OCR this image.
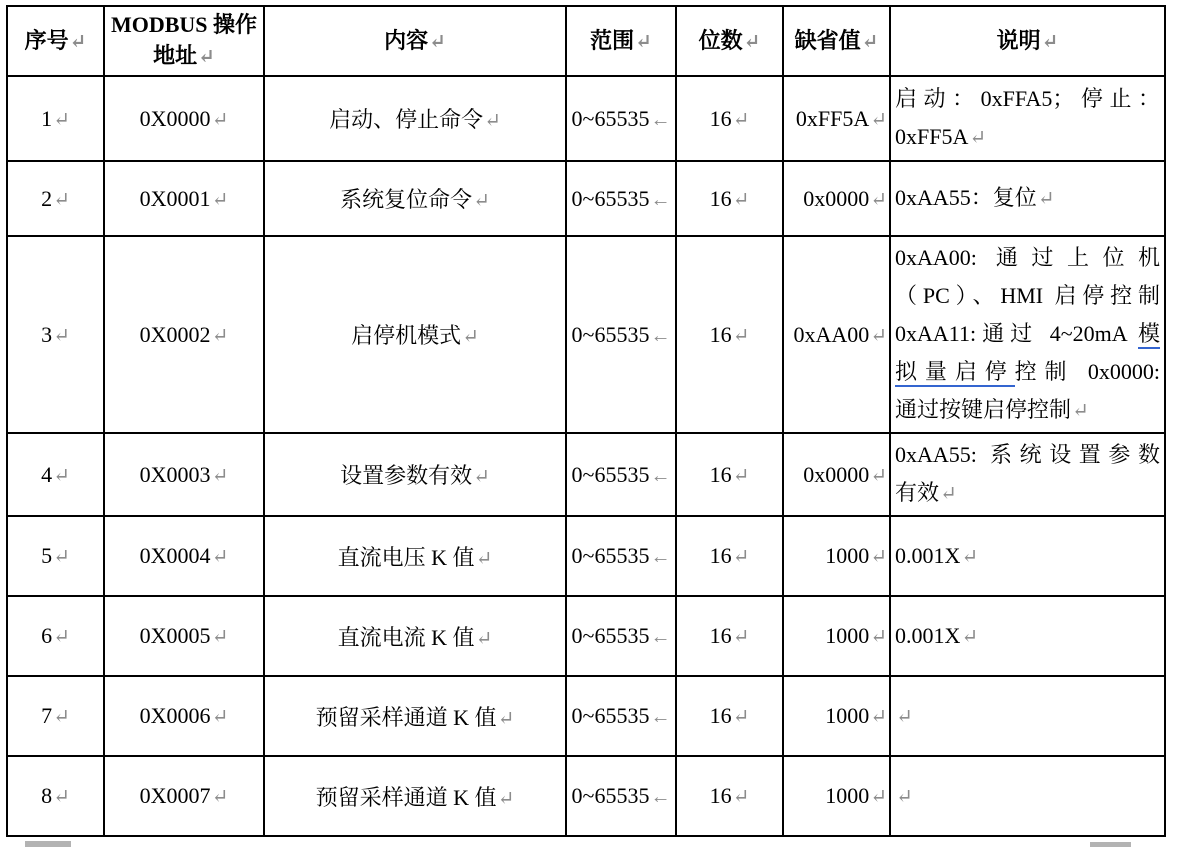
序号↵	MODBUS 操作
地址↵	内容↵	范围↵	位数↵	缺省值↵	说明↵

1↵	0X0000↵	启动、停止命令↵	0~65535←	16↵	0xFF5A↵	启动：0xFFA5；停止：
0xFF5A↵

2↵	0X0001↵	系统复位命令↵	0~65535←	16↵	0x0000↵	0xAA55：复位↵

3↵	0X0002↵	启停机模式↵	0~65535←	16↵	0xAA00↵	0xAA00: 通过上位机
（PC）、HMI 启停控制
0xAA11:通过 4~20mA 模
拟量启停控制 0x0000:
通过按键启停控制↵

4↵	0X0003↵	设置参数有效↵	0~65535←	16↵	0x0000↵	0xAA55: 系统设置参数
有效↵

5↵	0X0004↵	直流电压 K 值↵	0~65535←	16↵	1000↵	0.001X↵

6↵	0X0005↵	直流电流 K 值↵	0~65535←	16↵	1000↵	0.001X↵

7↵	0X0006↵	预留采样通道 K 值↵	0~65535←	16↵	1000↵	↵

8↵	0X0007↵	预留采样通道 K 值↵	0~65535←	16↵	1000↵	↵
